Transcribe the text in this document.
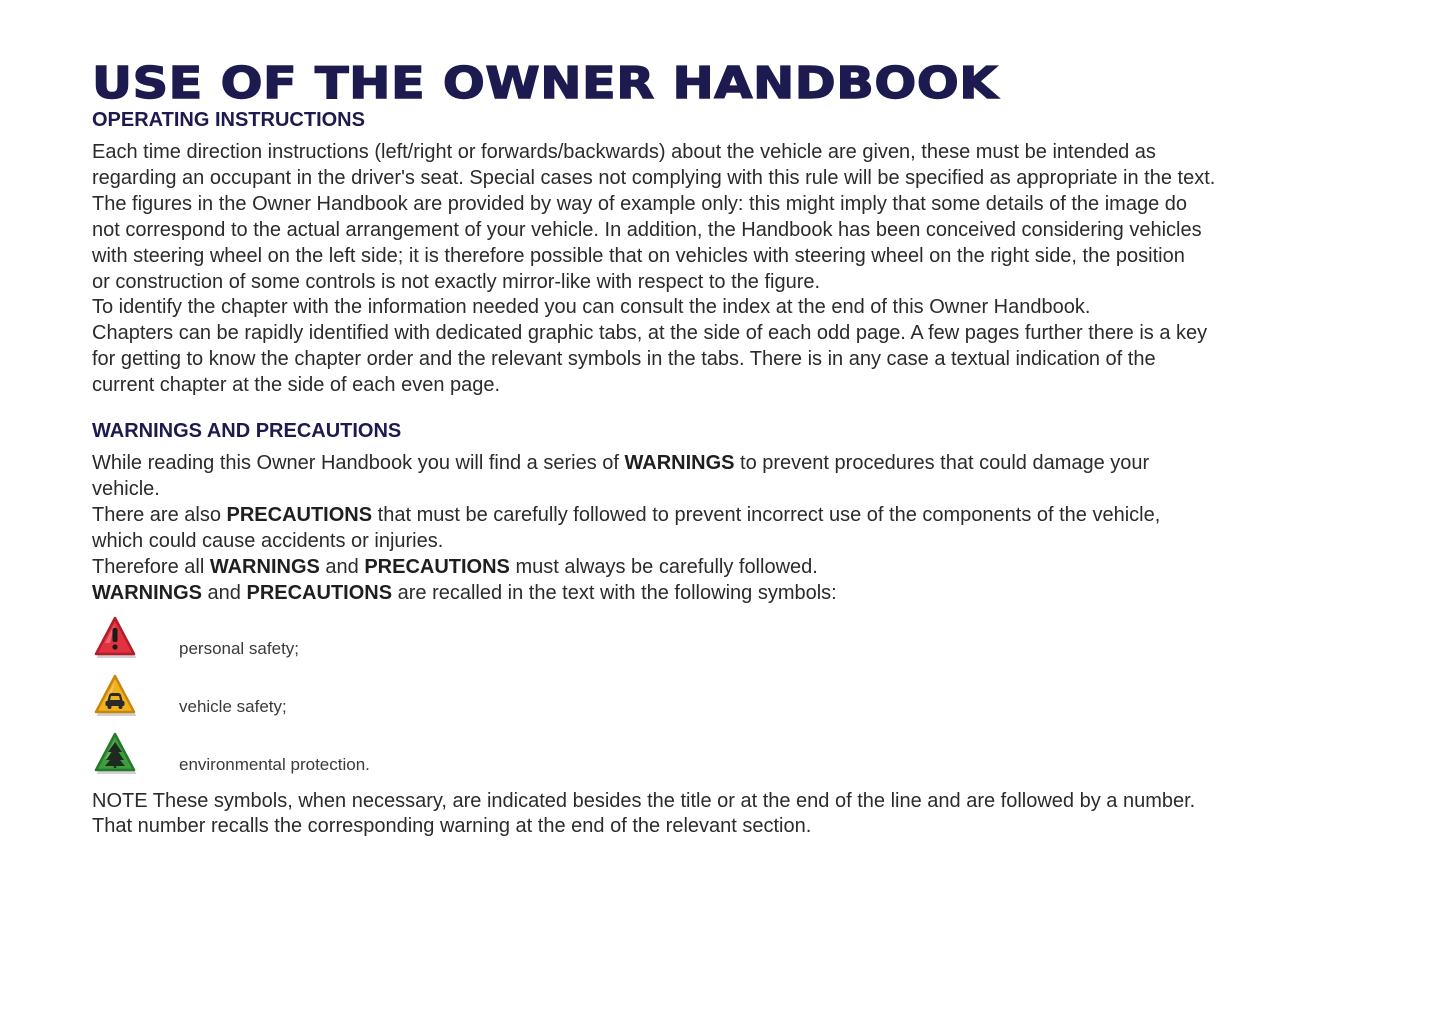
USE OF THE OWNER HANDBOOK
OPERATING INSTRUCTIONS
Each time direction instructions (left/right or forwards/backwards) about the vehicle are given, these must be intended as
regarding an occupant in the driver's seat. Special cases not complying with this rule will be specified as appropriate in the text.
The figures in the Owner Handbook are provided by way of example only: this might imply that some details of the image do
not correspond to the actual arrangement of your vehicle. In addition, the Handbook has been conceived considering vehicles
with steering wheel on the left side; it is therefore possible that on vehicles with steering wheel on the right side, the position
or construction of some controls is not exactly mirror-like with respect to the figure.
To identify the chapter with the information needed you can consult the index at the end of this Owner Handbook.
Chapters can be rapidly identified with dedicated graphic tabs, at the side of each odd page. A few pages further there is a key
for getting to know the chapter order and the relevant symbols in the tabs. There is in any case a textual indication of the
current chapter at the side of each even page.
WARNINGS AND PRECAUTIONS
While reading this Owner Handbook you will find a series of WARNINGS to prevent procedures that could damage your
vehicle.
There are also PRECAUTIONS that must be carefully followed to prevent incorrect use of the components of the vehicle,
which could cause accidents or injuries.
Therefore all WARNINGS and PRECAUTIONS must always be carefully followed.
WARNINGS and PRECAUTIONS are recalled in the text with the following symbols:
personal safety;
vehicle safety;
environmental protection.
NOTE These symbols, when necessary, are indicated besides the title or at the end of the line and are followed by a number.
That number recalls the corresponding warning at the end of the relevant section.
